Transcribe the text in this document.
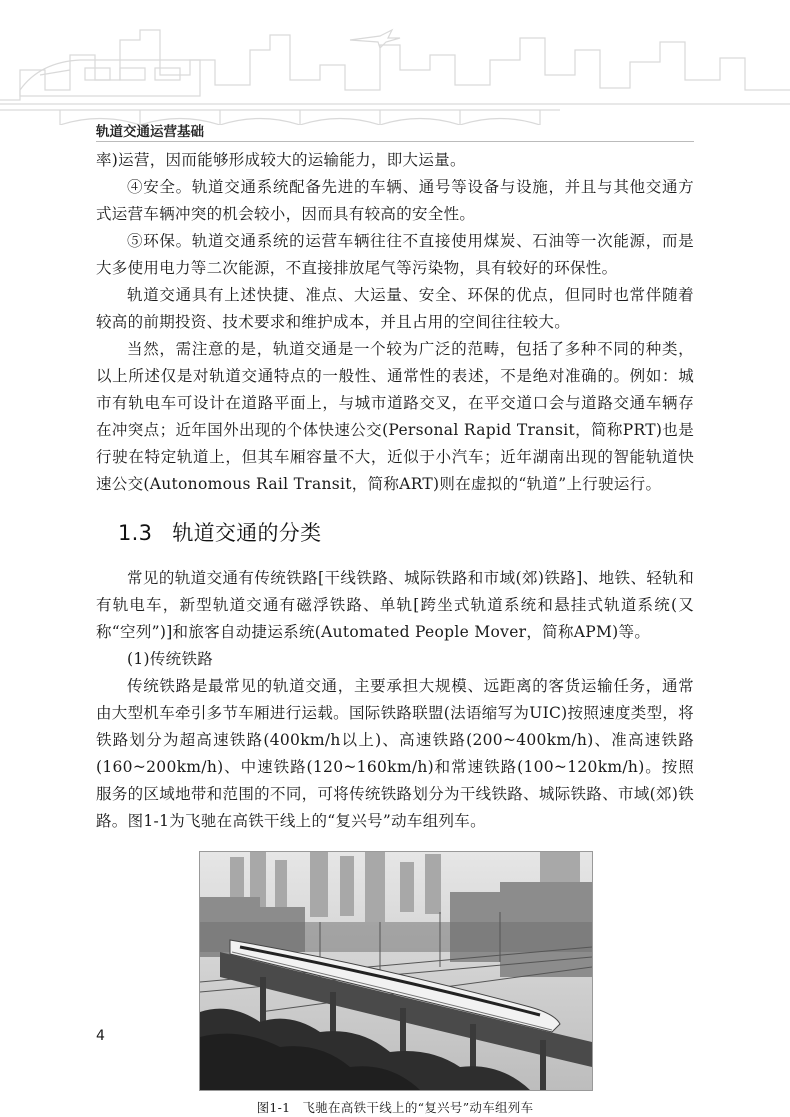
轨道交通运营基础

率)运营，因而能够形成较大的运输能力，即大运量。

④安全。轨道交通系统配备先进的车辆、通号等设备与设施，并且与其他交通方式运营车辆冲突的机会较小，因而具有较高的安全性。

⑤环保。轨道交通系统的运营车辆往往不直接使用煤炭、石油等一次能源，而是大多使用电力等二次能源，不直接排放尾气等污染物，具有较好的环保性。

轨道交通具有上述快捷、准点、大运量、安全、环保的优点，但同时也常伴随着较高的前期投资、技术要求和维护成本，并且占用的空间往往较大。

当然，需注意的是，轨道交通是一个较为广泛的范畴，包括了多种不同的种类，以上所述仅是对轨道交通特点的一般性、通常性的表述，不是绝对准确的。例如：城市有轨电车可设计在道路平面上，与城市道路交叉，在平交道口会与道路交通车辆存在冲突点；近年国外出现的个体快速公交(Personal Rapid Transit，简称PRT)也是行驶在特定轨道上，但其车厢容量不大，近似于小汽车；近年湖南出现的智能轨道快速公交(Autonomous Rail Transit，简称ART)则在虚拟的“轨道”上行驶运行。

1.3 轨道交通的分类

常见的轨道交通有传统铁路[干线铁路、城际铁路和市域(郊)铁路]、地铁、轻轨和有轨电车，新型轨道交通有磁浮铁路、单轨[跨坐式轨道系统和悬挂式轨道系统(又称“空列”)]和旅客自动捷运系统(Automated People Mover，简称APM)等。

(1)传统铁路

传统铁路是最常见的轨道交通，主要承担大规模、远距离的客货运输任务，通常由大型机车牵引多节车厢进行运载。国际铁路联盟(法语缩写为UIC)按照速度类型，将铁路划分为超高速铁路(400km/h以上)、高速铁路(200~400km/h)、准高速铁路(160~200km/h)、中速铁路(120~160km/h)和常速铁路(100~120km/h)。按照服务的区域地带和范围的不同，可将传统铁路划分为干线铁路、城际铁路、市域(郊)铁路。图1-1为飞驰在高铁干线上的“复兴号”动车组列车。

图1-1 飞驰在高铁干线上的“复兴号”动车组列车
4
